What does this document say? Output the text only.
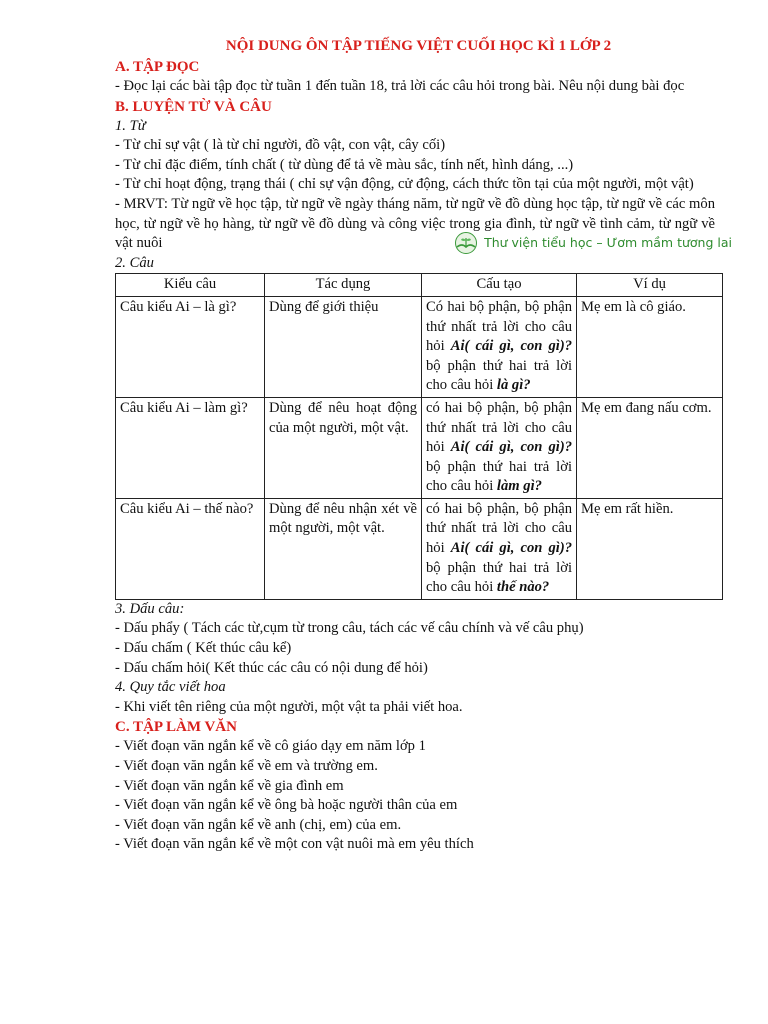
NỘI DUNG ÔN TẬP TIẾNG VIỆT CUỐI HỌC KÌ 1 LỚP 2
A. TẬP ĐỌC
- Đọc lại các bài tập đọc từ tuần 1 đến tuần 18, trả lời các câu hỏi trong bài. Nêu nội dung bài đọc
B. LUYỆN TỪ VÀ CÂU
1. Từ
- Từ chỉ sự vật ( là từ chỉ người, đồ vật, con vật, cây cối)
- Từ chỉ đặc điểm, tính chất ( từ dùng để tả về màu sắc, tính nết, hình dáng, ...)
- Từ chỉ hoạt động, trạng thái ( chỉ sự vận động, cử động, cách thức tồn tại của một người, một vật)
- MRVT: Từ ngữ về học tập, từ ngữ về ngày tháng năm, từ ngữ về đồ dùng học tập, từ ngữ về các môn học, từ ngữ về họ hàng, từ ngữ về đồ dùng và công việc trong gia đình, từ ngữ về tình cảm, từ ngữ về vật nuôi
2. Câu
Thư viện tiểu học – Ươm mầm tương lai
Kiểu câu	Tác dụng	Cấu tạo	Ví dụ
Câu kiểu Ai – là gì?	Dùng để giới thiệu	Có hai bộ phận, bộ phận thứ nhất trả lời cho câu hỏi Ai( cái gì, con gì)? bộ phận thứ hai trả lời cho câu hỏi là gì?	Mẹ em là cô giáo.
Câu kiểu Ai – làm gì?	Dùng để nêu hoạt động của một người, một vật.	có hai bộ phận, bộ phận thứ nhất trả lời cho câu hỏi Ai( cái gì, con gì)? bộ phận thứ hai trả lời cho câu hỏi làm gì?	Mẹ em đang nấu cơm.
Câu kiểu Ai – thế nào?	Dùng để nêu nhận xét về một người, một vật.	có hai bộ phận, bộ phận thứ nhất trả lời cho câu hỏi Ai( cái gì, con gì)? bộ phận thứ hai trả lời cho câu hỏi thế nào?	Mẹ em rất hiền.
3. Dấu câu:
- Dấu phẩy ( Tách các từ,cụm từ trong câu, tách các vế câu chính và vế câu phụ)
- Dấu chấm ( Kết thúc câu kể)
- Dấu chấm hỏi( Kết thúc các câu có nội dung để hỏi)
4. Quy tắc viết hoa
- Khi viết tên riêng của một người, một vật ta phải viết hoa.
C. TẬP LÀM VĂN
- Viết đoạn văn ngắn kể về cô giáo dạy em năm lớp 1
- Viết đoạn văn ngắn kể về em và trường em.
- Viết đoạn văn ngắn kể về gia đình em
- Viết đoạn văn ngắn kể về ông bà hoặc người thân của em
- Viết đoạn văn ngắn kể về anh (chị, em) của em.
- Viết đoạn văn ngắn kể về một con vật nuôi mà em yêu thích
